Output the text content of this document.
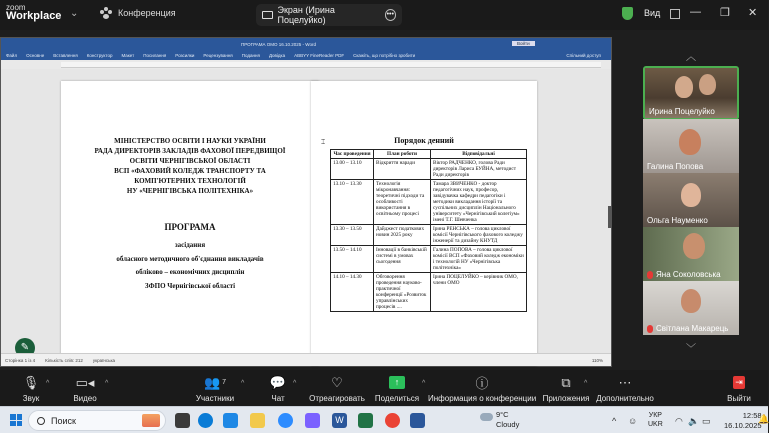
zoom
Workplace ⌄	Конференция	Экран (Ирина Поцелуйко)
•••	Вид	— ❐ ✕
︿
ПРОГРАМА ОМО 16.10.2025 - Word	Войти
Файл Основне Вставлення Конструктор Макет Посилання Розсилки Рецензування Подання Довідка ABBYY FineReader PDF Скажіть, що потрібно зробити	Спільний доступ
МІНІСТЕРСТВО ОСВІТИ І НАУКИ УКРАЇНИ
РАДА ДИРЕКТОРІВ ЗАКЛАДІВ ФАХОВОЇ ПЕРЕДВИЩОЇ ОСВІТИ ЧЕРНІГІВСЬКОЇ ОБЛАСТІ
ВСП «ФАХОВИЙ КОЛЕДЖ ТРАНСПОРТУ ТА КОМП'ЮТЕРНИХ ТЕХНОЛОГІЙ
НУ «ЧЕРНІГІВСЬКА ПОЛІТЕХНІКА»
ПРОГРАМА
засідання
обласного методичного об'єднання викладачів
обліково – економічних дисциплін
ЗФПО Чернігівської області
Порядок денний
Час проведення	План роботи	Відповідальні
13.00 – 13.10	Відкриття наради	Віктор РАДЧЕНКО, голова Ради директорів Лариса БУЙНА, методист Ради директорів
13.10 – 13.30	Технологія мікронавчання: теоретичні підходи та особливості використання в освітньому процесі	Тамара ЗВИЧЕНКО - доктор педагогічних наук, професор, завідувачка кафедри педагогіки і методики викладання історії та суспільних дисциплін Національного університету «Чернігівський колегіум» імені Т.Г. Шевченка
13.30 – 13.50	Дайджест податкових новин 2025 року	Ірина РЕНСЬКА – голова циклової комісії Чернігівського фахового коледжу інженерії та дизайну КНУТД
13.50 – 14.10	Інновації в банківській системі в умовах сьогодення	Галина ПОПОВА – голова циклової комісії ВСП «Фаховий коледж економіки і технологій НУ «Чернігівська політехніка»
14.10 – 14.30	Обговорення проведення науково-практичної конференції «Розвиток управлінських процесів ....	Ірина ПОЦЕЛУЙКО – керівник ОМО, члени ОМО
⌶
✎
Сторінка 1 із 4 Кількість слів: 212 українська	110%
Ирина Поцелуйко
Галина Попова
Ольга Науменко
Яна Соколовська
Світлана Макарець
﹀
🎙
Звук
^	▭◂
Видео
^	👥 7
Участники
^	💬
Чат
^	♡
Отреагировать
↑
Поделиться
^	ⓘ
Информация о конференции
⧉
Приложения
^	⋯
Дополнительно
⇥
Выйти
Поиск	W
9°C
Cloudy	^ ☺
УКР
UKR ◠ 🔈 ▭
12:58
16.10.2025
🔔
